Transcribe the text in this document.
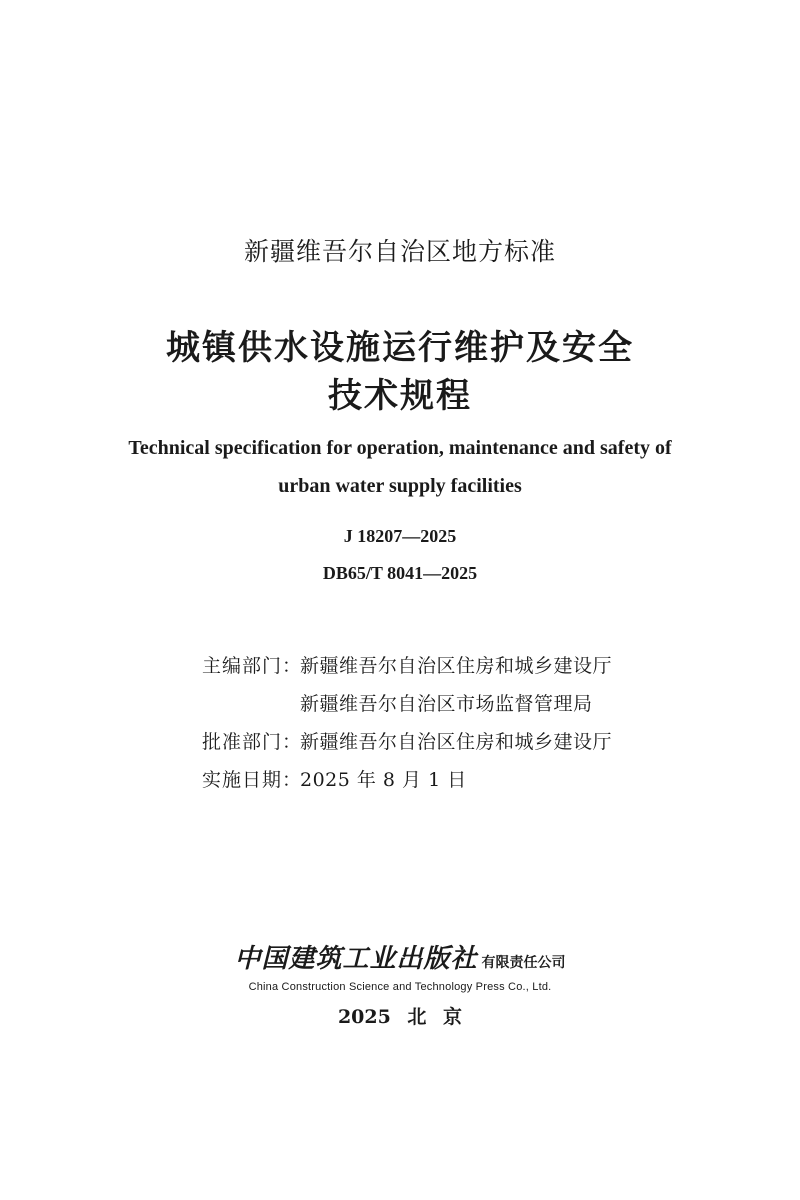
新疆维吾尔自治区地方标准
城镇供水设施运行维护及安全
技术规程
Technical specification for operation, maintenance and safety of
urban water supply facilities
J 18207—2025
DB65/T 8041—2025
主编部门：
新疆维吾尔自治区住房和城乡建设厅
新疆维吾尔自治区市场监督管理局
批准部门：
新疆维吾尔自治区住房和城乡建设厅
实施日期：
2025 年 8 月 1 日
中国建筑工业出版社 有限责任公司
China Construction Science and Technology Press Co., Ltd.
2025 北 京
